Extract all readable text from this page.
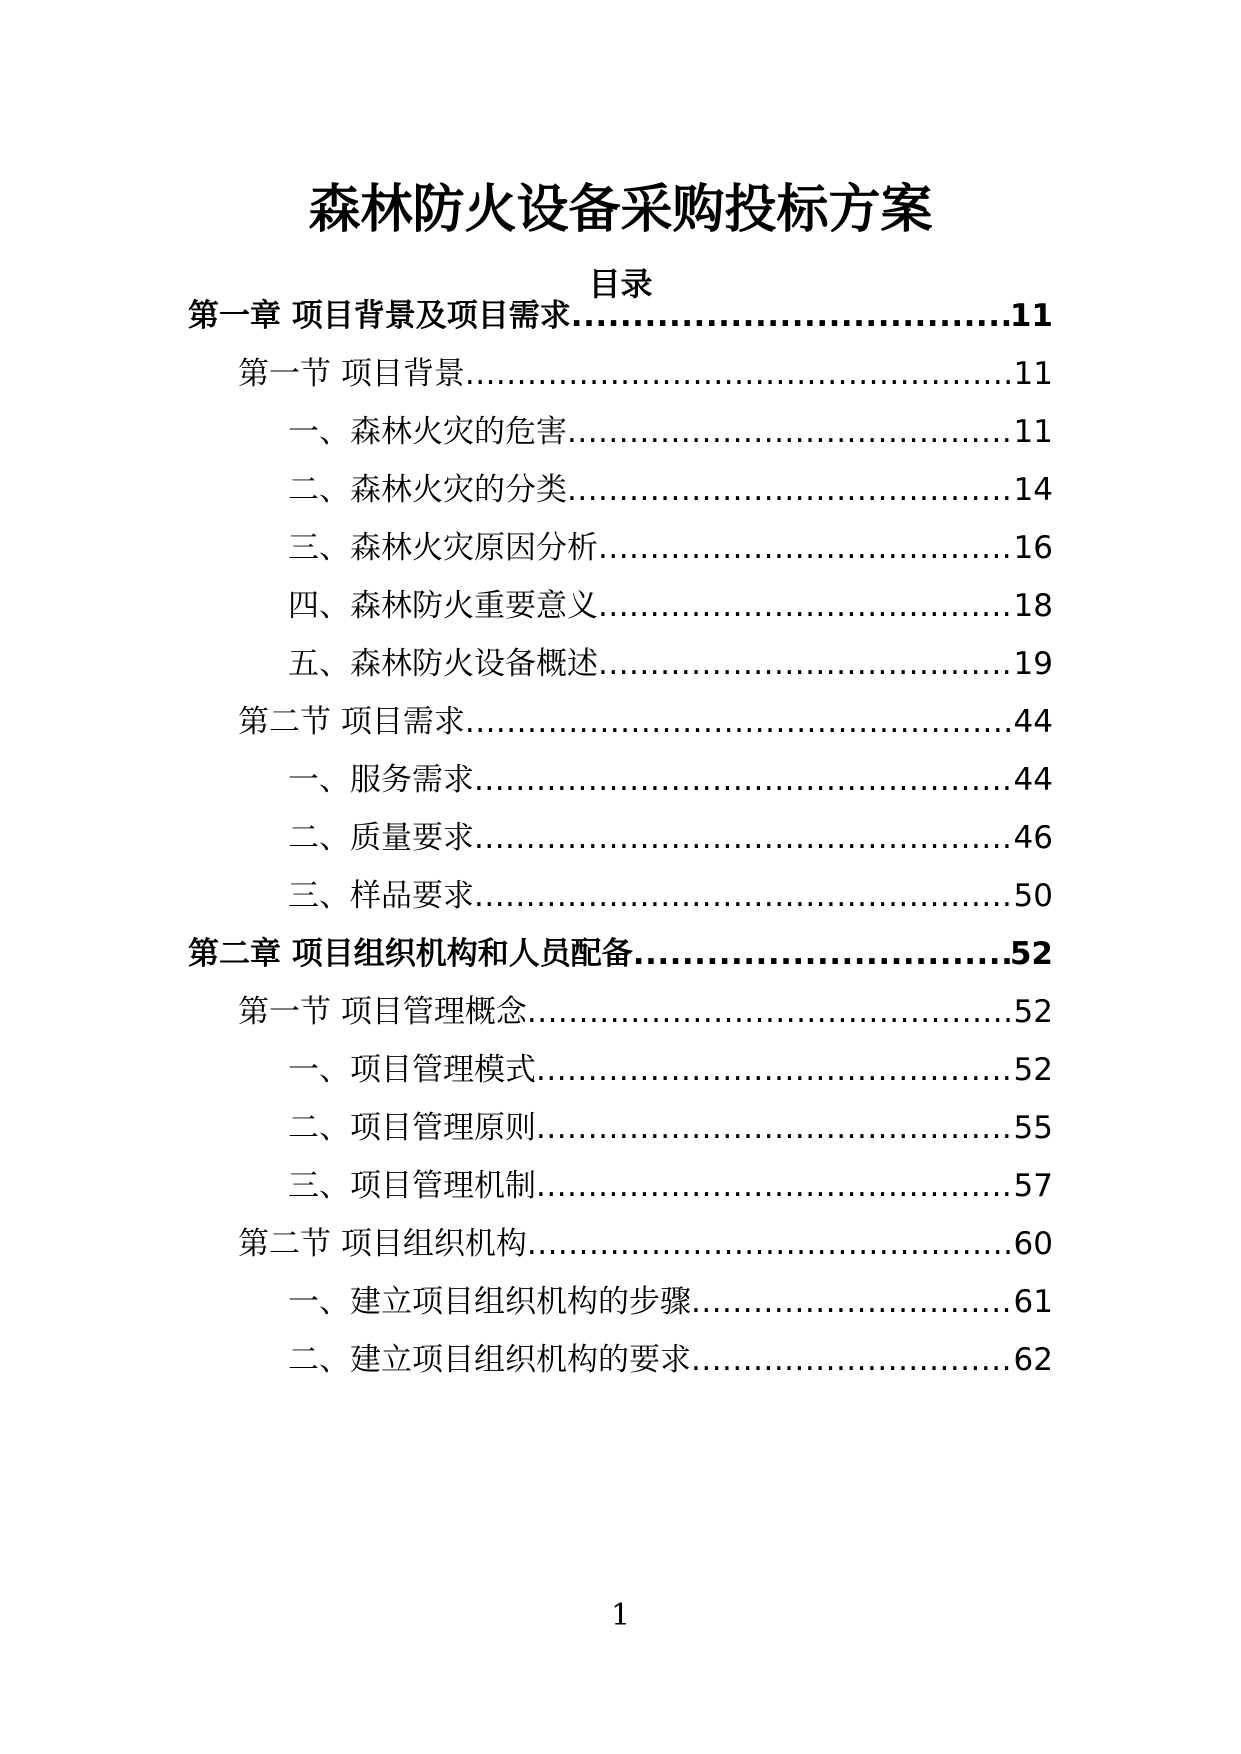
森林防火设备采购投标方案
目录
第一章 项目背景及项目需求 .....	11
第一节 项目背景 .....	11
一、森林火灾的危害 .....	11
二、森林火灾的分类 .....	14
三、森林火灾原因分析 .....	16
四、森林防火重要意义 .....	18
五、森林防火设备概述 .....	19
第二节 项目需求 .....	44
一、服务需求 .....	44
二、质量要求 .....	46
三、样品要求 .....	50
第二章 项目组织机构和人员配备 .....	52
第一节 项目管理概念 .....	52
一、项目管理模式 .....	52
二、项目管理原则 .....	55
三、项目管理机制 .....	57
第二节 项目组织机构 .....	60
一、建立项目组织机构的步骤 .....	61
二、建立项目组织机构的要求 .....	62
1
